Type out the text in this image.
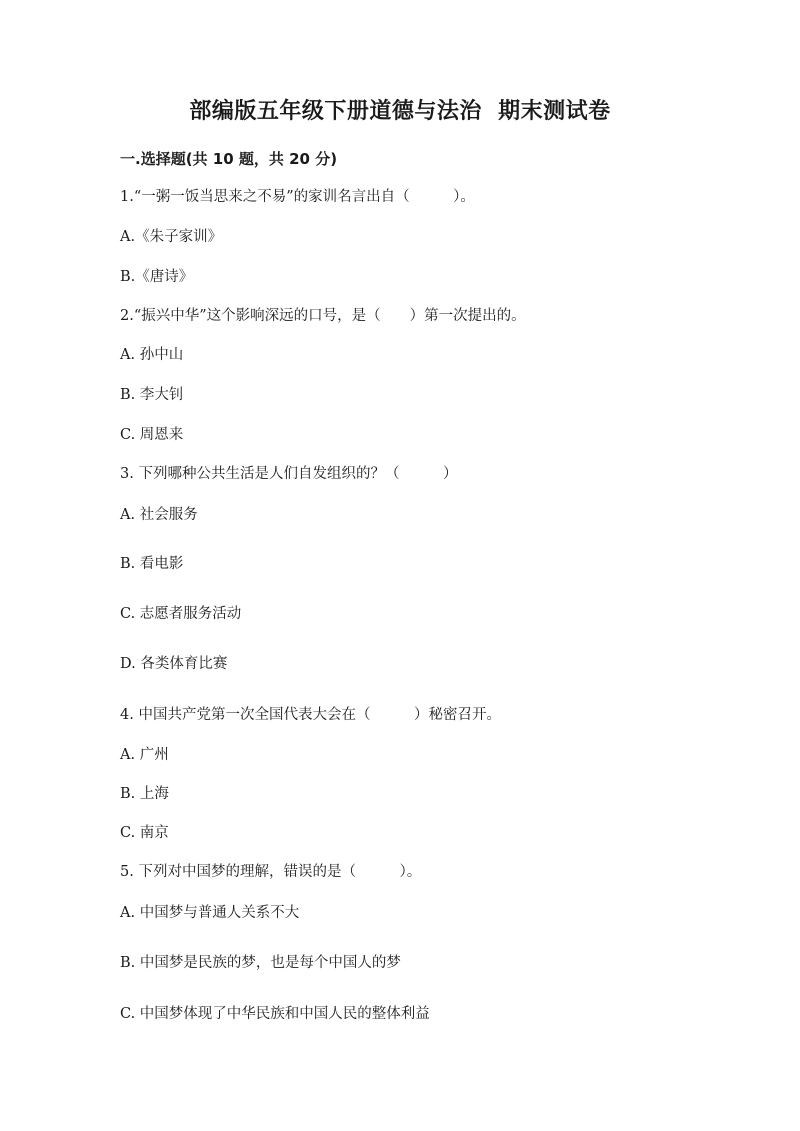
部编版五年级下册道德与法治  期末测试卷
一.选择题(共 10 题，共 20 分)
1.“一粥一饭当思来之不易”的家训名言出自（　　　）。
A.《朱子家训》
B.《唐诗》
2.“振兴中华”这个影响深远的口号，是（　　）第一次提出的。
A. 孙中山
B. 李大钊
C. 周恩来
3. 下列哪种公共生活是人们自发组织的？（　　　）
A. 社会服务
B. 看电影
C. 志愿者服务活动
D. 各类体育比赛
4. 中国共产党第一次全国代表大会在（　　　）秘密召开。
A. 广州
B. 上海
C. 南京
5. 下列对中国梦的理解，错误的是（　　　）。
A. 中国梦与普通人关系不大
B. 中国梦是民族的梦，也是每个中国人的梦
C. 中国梦体现了中华民族和中国人民的整体利益
